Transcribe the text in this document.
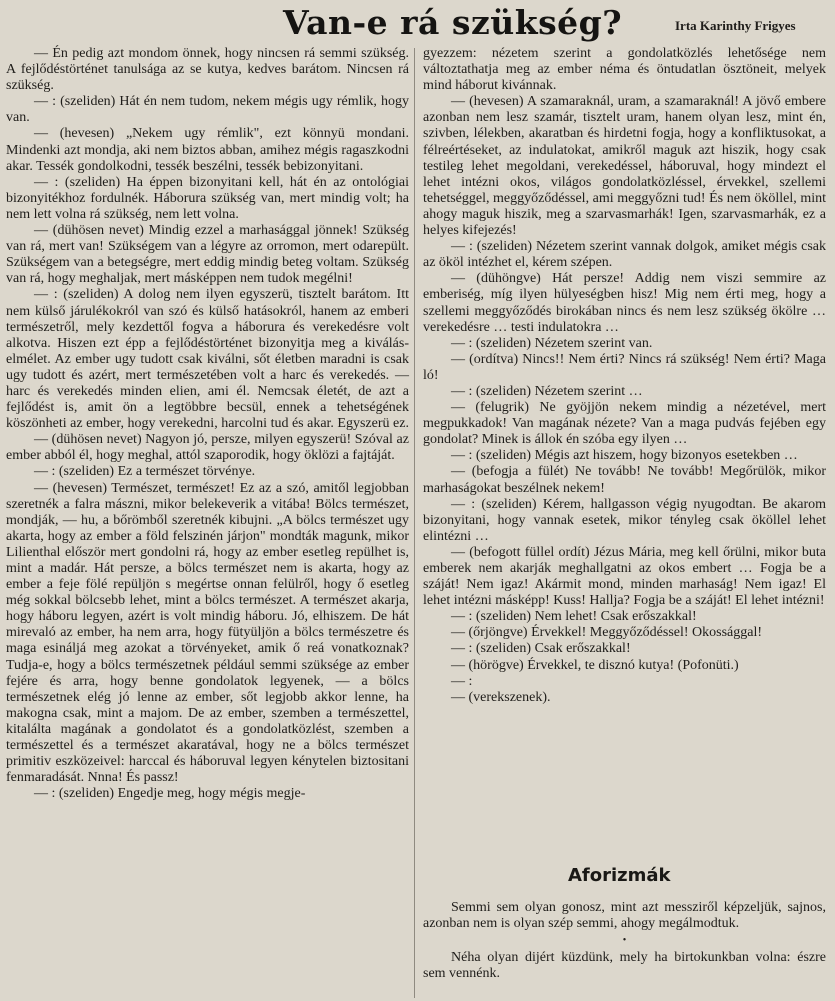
Van-e rá szükség?	Irta Karinthy Frigyes

— Én pedig azt mondom önnek, hogy nincsen rá semmi szükség. A fejlődéstörténet tanulsága az se kutya, kedves barátom. Nincsen rá szükség.

— : (szeliden) Hát én nem tudom, nekem mégis ugy rémlik, hogy van.

— (hevesen) „Nekem ugy rémlik", ezt könnyü mondani. Mindenki azt mondja, aki nem biztos abban, amihez mégis ragaszkodni akar. Tessék gondolkodni, tessék beszélni, tessék bebizonyitani.

— : (szeliden) Ha éppen bizonyitani kell, hát én az ontológiai bizonyitékhoz fordulnék. Háborura szükség van, mert mindig volt; ha nem lett volna rá szükség, nem lett volna.

— (dühösen nevet) Mindig ezzel a marhasággal jönnek! Szükség van rá, mert van! Szükségem van a légyre az orromon, mert odarepült. Szükségem van a betegségre, mert eddig mindig beteg voltam. Szükség van rá, hogy meghaljak, mert másképpen nem tudok megélni!

— : (szeliden) A dolog nem ilyen egyszerü, tisztelt barátom. Itt nem külső járulékokról van szó és külső hatásokról, hanem az emberi természetről, mely kezdettől fogva a háborura és verekedésre volt alkotva. Hiszen ezt épp a fejlődéstörténet bizonyitja meg a kiválás-elmélet. Az ember ugy tudott csak kiválni, sőt életben maradni is csak ugy tudott és azért, mert természetében volt a harc és verekedés. — harc és verekedés minden elien, ami él. Nemcsak életét, de azt a fejlődést is, amit ön a legtöbbre becsül, ennek a tehetségének köszönheti az ember, hogy verekedni, harcolni tud és akar. Egyszerü ez.

— (dühösen nevet) Nagyon jó, persze, milyen egyszerü! Szóval az ember abból él, hogy meghal, attól szaporodik, hogy öklözi a fajtáját.

— : (szeliden) Ez a természet törvénye.

— (hevesen) Természet, természet! Ez az a szó, amitől legjobban szeretnék a falra mászni, mikor belekeverik a vitába! Bölcs természet, mondják, — hu, a bőrömből szeretnék kibujni. „A bölcs természet ugy akarta, hogy az ember a föld felszinén járjon" mondták magunk, mikor Lilienthal először mert gondolni rá, hogy az ember esetleg repülhet is, mint a madár. Hát persze, a bölcs természet nem is akarta, hogy az ember a feje fölé repüljön s megértse onnan felülről, hogy ő esetleg még sokkal bölcsebb lehet, mint a bölcs természet. A természet akarja, hogy háboru legyen, azért is volt mindig háboru. Jó, elhiszem. De hát mirevaló az ember, ha nem arra, hogy fütyüljön a bölcs természetre és maga esináljá meg azokat a törvényeket, amik ő reá vonatkoznak? Tudja-e, hogy a bölcs természetnek például semmi szüksége az ember fejére és arra, hogy benne gondolatok legyenek, — a bölcs természetnek elég jó lenne az ember, sőt legjobb akkor lenne, ha makogna csak, mint a majom. De az ember, szemben a természettel, kitalálta magának a gondolatot és a gondolatközlést, szemben a természettel és a természet akaratával, hogy ne a bölcs természet primitiv eszközeivel: harccal és háboruval legyen kénytelen biztositani fenmaradását. Nnna! És passz!

— : (szeliden) Engedje meg, hogy mégis megje-

gyezzem: nézetem szerint a gondolatközlés lehetősége nem változtathatja meg az ember néma és öntudatlan ösztöneit, melyek mind háborut kivánnak.

— (hevesen) A szamaraknál, uram, a szamaraknál! A jövő embere azonban nem lesz szamár, tisztelt uram, hanem olyan lesz, mint én, szivben, lélekben, akaratban és hirdetni fogja, hogy a konfliktusokat, a félreértéseket, az indulatokat, amikről maguk azt hiszik, hogy csak testileg lehet megoldani, verekedéssel, háboruval, hogy mindezt el lehet intézni okos, világos gondolatközléssel, érvekkel, szellemi tehetséggel, meggyőződéssel, ami meggyőzni tud! És nem ököllel, mint ahogy maguk hiszik, meg a szarvasmarhák! Igen, szarvasmarhák, ez a helyes kifejezés!

— : (szeliden) Nézetem szerint vannak dolgok, amiket mégis csak az ököl intézhet el, kérem szépen.

— (dühöngve) Hát persze! Addig nem viszi semmire az emberiség, míg ilyen hülyeségben hisz! Mig nem érti meg, hogy a szellemi meggyőződés birokában nincs és nem lesz szükség ökölre … verekedésre … testi indulatokra …

— : (szeliden) Nézetem szerint van.

— (ordítva) Nincs!! Nem érti? Nincs rá szükség! Nem érti? Maga ló!

— : (szeliden) Nézetem szerint …

— (felugrik) Ne gyöjjön nekem mindig a nézetével, mert megpukkadok! Van magának nézete? Van a maga pudvás fejében egy gondolat? Minek is állok én szóba egy ilyen …

— : (szeliden) Mégis azt hiszem, hogy bizonyos esetekben …

— (befogja a fülét) Ne tovább! Ne tovább! Megőrülök, mikor marhaságokat beszélnek nekem!

— : (szeliden) Kérem, hallgasson végig nyugodtan. Be akarom bizonyitani, hogy vannak esetek, mikor tényleg csak ököllel lehet elintézni …

— (befogott füllel ordít) Jézus Mária, meg kell őrülni, mikor buta emberek nem akarják meghallgatni az okos embert … Fogja be a száját! Nem igaz! Akármit mond, minden marhaság! Nem igaz! El lehet intézni másképp! Kuss! Hallja? Fogja be a száját! El lehet intézni!

— : (szeliden) Nem lehet! Csak erőszakkal!

— (őrjöngve) Érvekkel! Meggyőződéssel! Okossággal!

— : (szeliden) Csak erőszakkal!

— (hörögve) Érvekkel, te disznó kutya! (Pofonüti.)

— :

— (verekszenek).

Aforizmák

Semmi sem olyan gonosz, mint azt messziről képzeljük, sajnos, azonban nem is olyan szép semmi, ahogy megálmodtuk.

•

Néha olyan dijért küzdünk, mely ha birtokunkban volna: észre sem vennénk.
